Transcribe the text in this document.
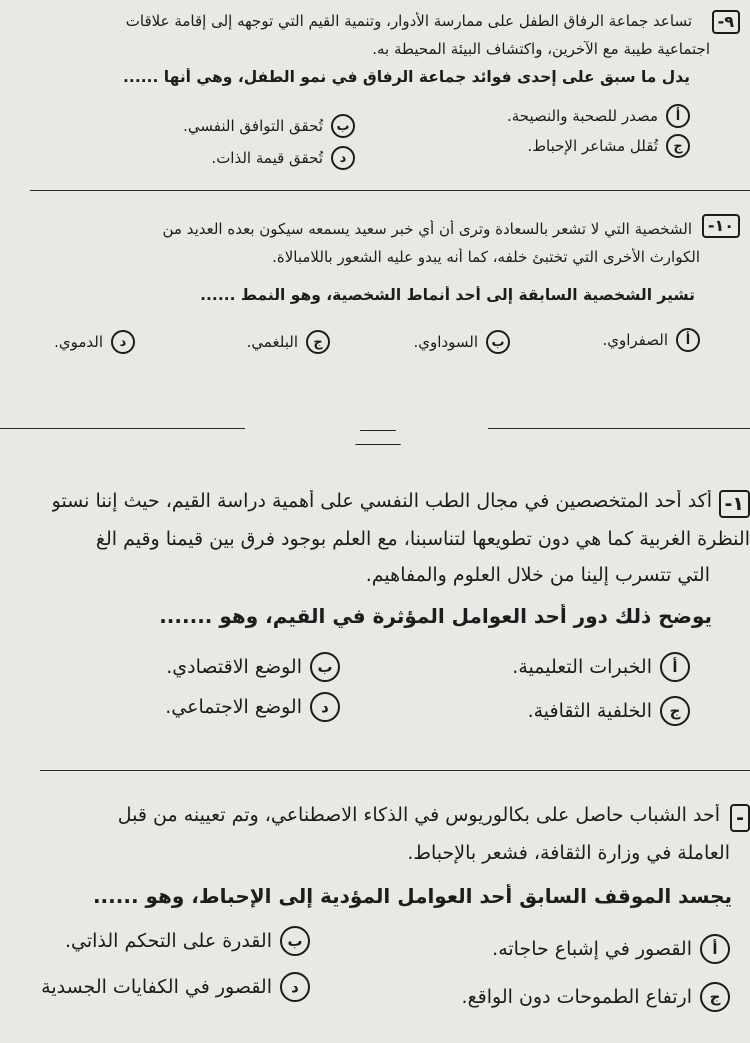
٩-
تساعد جماعة الرفاق الطفل على ممارسة الأدوار، وتنمية القيم التي توجهه إلى إقامة علاقات
اجتماعية طيبة مع الآخرين، واكتشاف البيئة المحيطة به.
يدل ما سبق على إحدى فوائد جماعة الرفاق في نمو الطفل، وهي أنها ......
أ
مصدر للصحبة والنصيحة.
ب
تُحقق التوافق النفسي.
ج
تُقلل مشاعر الإحباط.
د
تُحقق قيمة الذات.
١٠-
الشخصية التي لا تشعر بالسعادة وترى أن أي خبر سعيد يسمعه سيكون بعده العديد من
الكوارث الأخرى التي تختبئ خلفه، كما أنه يبدو عليه الشعور باللامبالاة.
تشير الشخصية السابقة إلى أحد أنماط الشخصية، وهو النمط ......
أ
الصفراوي.
ب
السوداوي.
ج
البلغمي.
د
الدموي.
ـــــــــــ
ــــــــــــــ
١-
أكد أحد المتخصصين في مجال الطب النفسي على أهمية دراسة القيم، حيث إننا نستو
النظرة الغربية كما هي دون تطويعها لتناسبنا، مع العلم بوجود فرق بين قيمنا وقيم الغ
التي تتسرب إلينا من خلال العلوم والمفاهيم.
يوضح ذلك دور أحد العوامل المؤثرة في القيم، وهو .......
أ
الخبرات التعليمية.
ب
الوضع الاقتصادي.
ج
الخلفية الثقافية.
د
الوضع الاجتماعي.
-
أحد الشباب حاصل على بكالوريوس في الذكاء الاصطناعي، وتم تعيينه من قبل
العاملة في وزارة الثقافة، فشعر بالإحباط.
يجسد الموقف السابق أحد العوامل المؤدية إلى الإحباط، وهو ......
أ
القصور في إشباع حاجاته.
ب
القدرة على التحكم الذاتي.
ج
ارتفاع الطموحات دون الواقع.
د
القصور في الكفايات الجسدية
